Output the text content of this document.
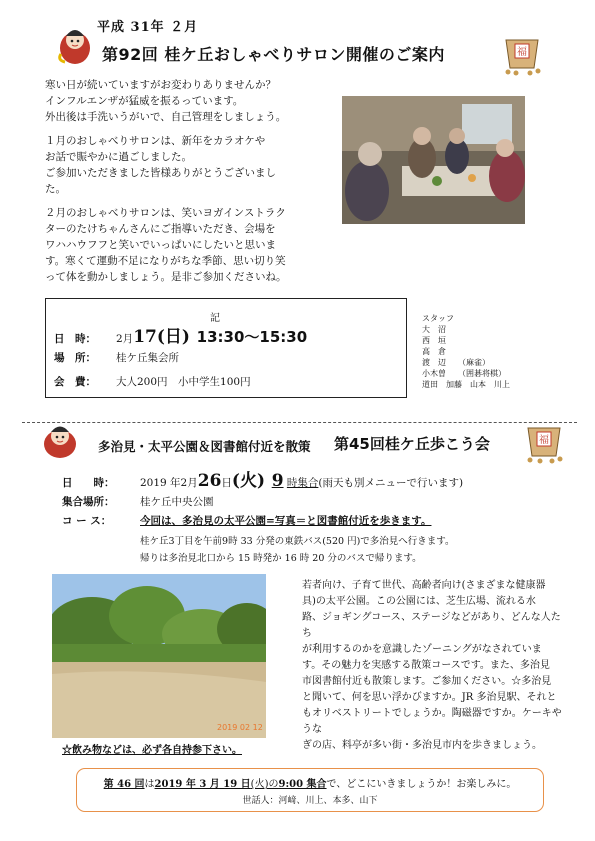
平成 31年 ２月
第92回 桂ケ丘おしゃべりサロン開催のご案内	福

寒い日が続いていますがお変わりありませんか？
インフルエンザが猛威を振るっています。
外出後は手洗いうがいで、自己管理をしましょう。

１月のおしゃべりサロンは、新年をカラオケや
お話で賑やかに過ごしました。
ご参加いただきました皆様ありがとうございまし
た。

２月のおしゃべりサロンは、笑いヨガインストラク
ターのたけちゃんさんにご指導いただき、会場を
ワハハウフフと笑いでいっぱいにしたいと思いま
す。寒くて運動不足になりがちな季節、思い切り笑
って体を動かしましょう。是非ご参加くださいね。

記
日　時： 2月17(日) 13:30〜15:30
場　所： 桂ケ丘集会所
会　費： 大人200円　小中学生100円
スタッフ
大　沼
西　垣
高　倉
渡　辺　　（麻雀）
小木曽　　（囲碁将棋）
道田　加藤　山本　川上
多治見・太平公園＆図書館付近を散策 第45回桂ケ丘歩こう会	福
日　　時： 2019 年2月26日(火) 9 時集合(雨天も別メニューで行います)
集合場所： 桂ケ丘中央公園
コ ー ス：	今回は、多治見の太平公園=写真＝と図書館付近を歩きます。
桂ケ丘3丁目を午前9時 33 分発の東鉄バス(520 円)で多治見へ行きます。
帰りは多治見北口から 15 時発か 16 時 20 分のバスで帰ります。
2019 02 12
若者向け、子育て世代、高齢者向け(さまざまな健康器
具)の太平公園。この公園には、芝生広場、流れる水
路、ジョギングコース、ステージなどがあり、どんな人たち
が利用するのかを意識したゾーニングがなされていま
す。その魅力を実感する散策コースです。また、多治見
市図書館付近も散策します。ご参加ください。☆多治見
と聞いて、何を思い浮かびますか。JR 多治見駅、それと
もオリベストリートでしょうか。陶磁器ですか。ケーキやうな
ぎの店、料亭が多い街・多治見市内を歩きましょう。
☆飲み物などは、必ず各自持参下さい。
第 46 回は2019 年 3 月 19 日(火)の9:00 集合で、どこにいきましょうか！お楽しみに。
世話人：河﨑、川上、本多、山下
